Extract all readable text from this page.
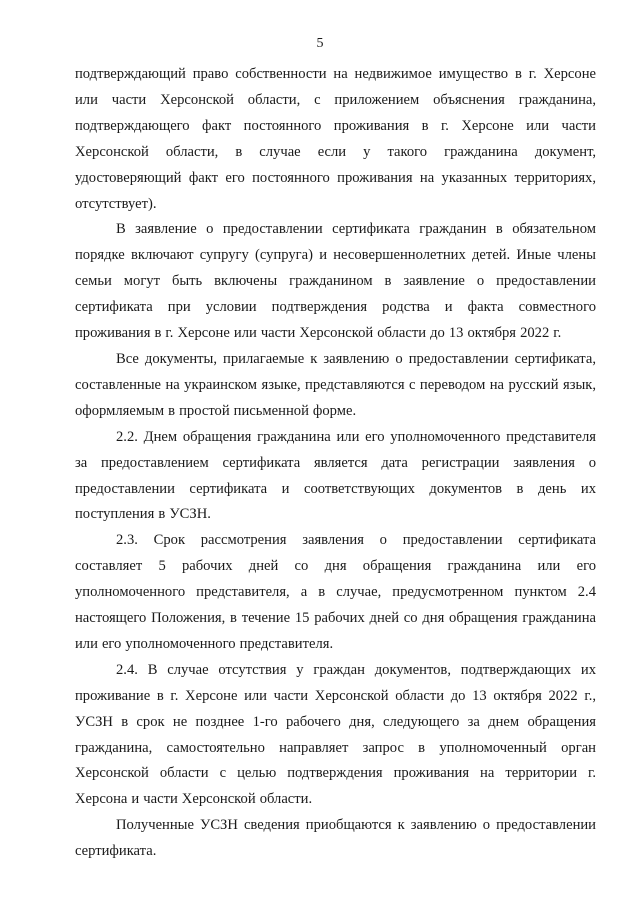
5

подтверждающий право собственности на недвижимое имущество в г. Херсоне или части Херсонской области, с приложением объяснения гражданина, подтверждающего факт постоянного проживания в г. Херсоне или части Херсонской области, в случае если у такого гражданина документ, удостоверяющий факт его постоянного проживания на указанных территориях, отсутствует).

В заявление о предоставлении сертификата гражданин в обязательном порядке включают супругу (супруга) и несовершеннолетних детей. Иные члены семьи могут быть включены гражданином в заявление о предоставлении сертификата при условии подтверждения родства и факта совместного проживания в г. Херсоне или части Херсонской области до 13 октября 2022 г.

Все документы, прилагаемые к заявлению о предоставлении сертификата, составленные на украинском языке, представляются с переводом на русский язык, оформляемым в простой письменной форме.

2.2. Днем обращения гражданина или его уполномоченного представителя за предоставлением сертификата является дата регистрации заявления о предоставлении сертификата и соответствующих документов в день их поступления в УСЗН.

2.3. Срок рассмотрения заявления о предоставлении сертификата составляет 5 рабочих дней со дня обращения гражданина или его уполномоченного представителя, а в случае, предусмотренном пунктом 2.4 настоящего Положения, в течение 15 рабочих дней со дня обращения гражданина или его уполномоченного представителя.

2.4. В случае отсутствия у граждан документов, подтверждающих их проживание в г. Херсоне или части Херсонской области до 13 октября 2022 г., УСЗН в срок не позднее 1-го рабочего дня, следующего за днем обращения гражданина, самостоятельно направляет запрос в уполномоченный орган Херсонской области с целью подтверждения проживания на территории г. Херсона и части Херсонской области.

Полученные УСЗН сведения приобщаются к заявлению о предоставлении сертификата.
